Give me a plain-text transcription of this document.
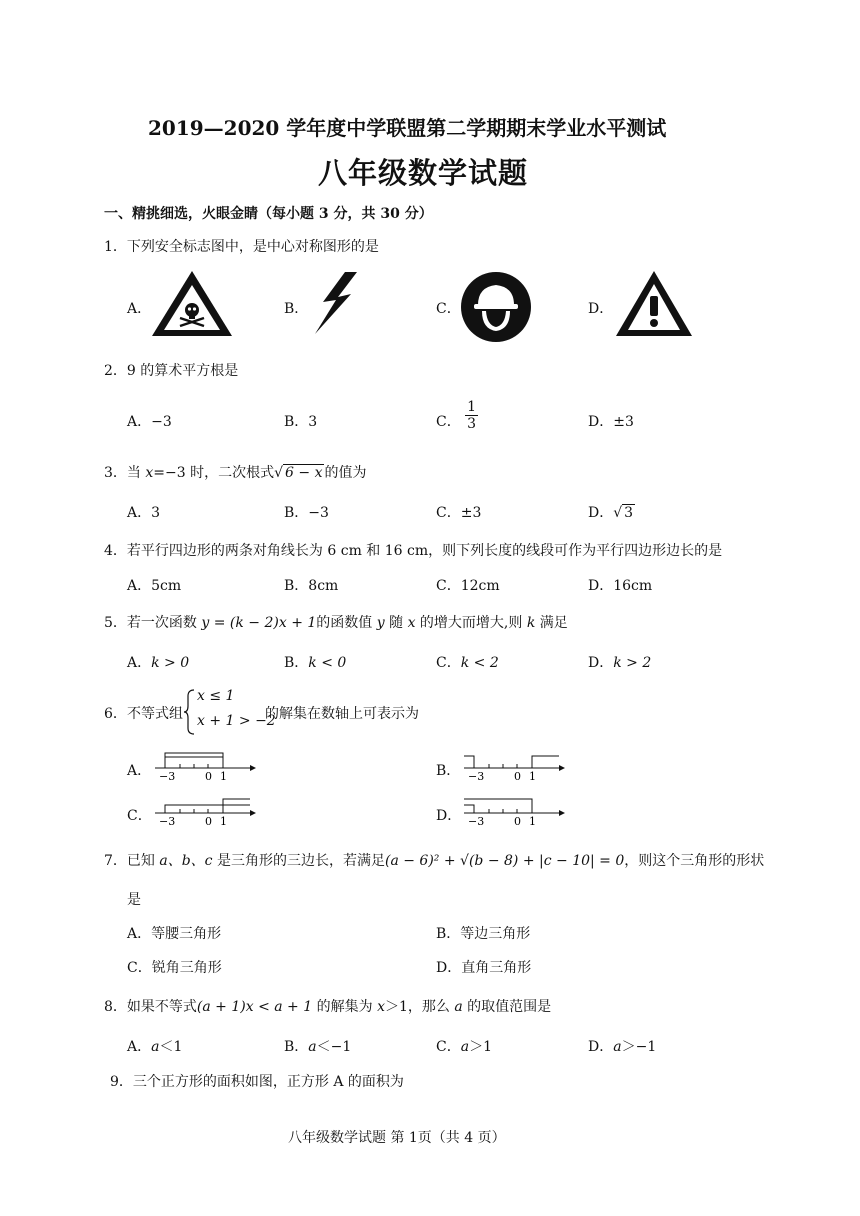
2019—2020 学年度中学联盟第二学期期末学业水平测试
八年级数学试题
一、精挑细选，火眼金睛（每小题 3 分，共 30 分）
1．下列安全标志图中，是中心对称图形的是
A．	B．	C．	D．
2．9 的算术平方根是
A．−3	B．3	C． $\frac{1}{3}$	D．±3
3．当 x=−3 时，二次根式√ 6 − x 的值为
A．3	B．−3	C．±3	D．√ 3
4．若平行四边形的两条对角线长为 6 cm 和 16 cm，则下列长度的线段可作为平行四边形边长的是
A．5cm	B．8cm	C．12cm	D．16cm
5．若一次函数 y = (k − 2)x + 1的函数值 y 随 x 的增大而增大,则 k 满足
A．k > 0	B．k < 0	C．k < 2	D．k > 2
6． 不等式组
x ≤ 1
x + 1 > −2
的解集在数轴上可表示为
A．	B．
C．	D．
−3	0 1	−3	0 1
−3	0 1	−3	0 1
7．已知 a、b、c 是三角形的三边长，若满足(a − 6)² + √(b − 8) + |c − 10| = 0，则这个三角形的形状
是
A．等腰三角形	B．等边三角形
C．锐角三角形	D．直角三角形
8．如果不等式(a + 1)x < a + 1 的解集为 x＞1，那么 a 的取值范围是
A．a＜1	B．a＜−1	C．a＞1	D．a＞−1
9．三个正方形的面积如图，正方形 A 的面积为
八年级数学试题 第 1页（共 4 页）
